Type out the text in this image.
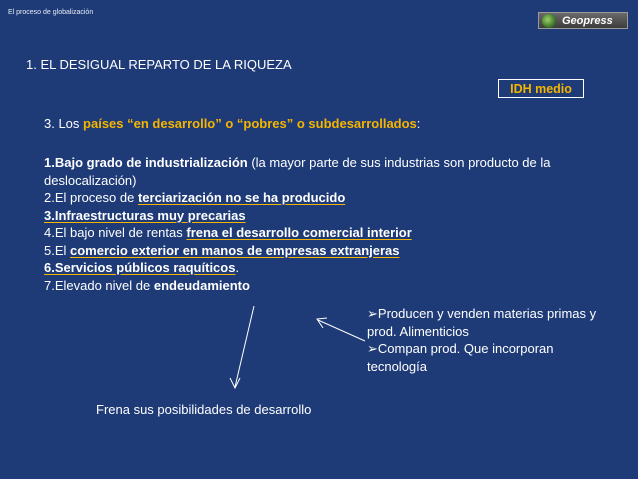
El proceso de globalización
Geopress
1. EL DESIGUAL REPARTO DE LA RIQUEZA
IDH medio
3. Los países “en desarrollo” o “pobres” o subdesarrollados:
1.Bajo grado de industrialización (la mayor parte de sus industrias son producto de la deslocalización)
2.El proceso de terciarización no se ha producido
3.Infraestructuras muy precarias
4.El bajo nivel de rentas frena el desarrollo comercial interior
5.El comercio exterior en manos de empresas extranjeras
6.Servicios públicos raquíticos.
7.Elevado nivel de endeudamiento
➢Producen y venden materias primas y prod. Alimenticios
➢Compan prod. Que incorporan tecnología
Frena sus posibilidades de desarrollo
